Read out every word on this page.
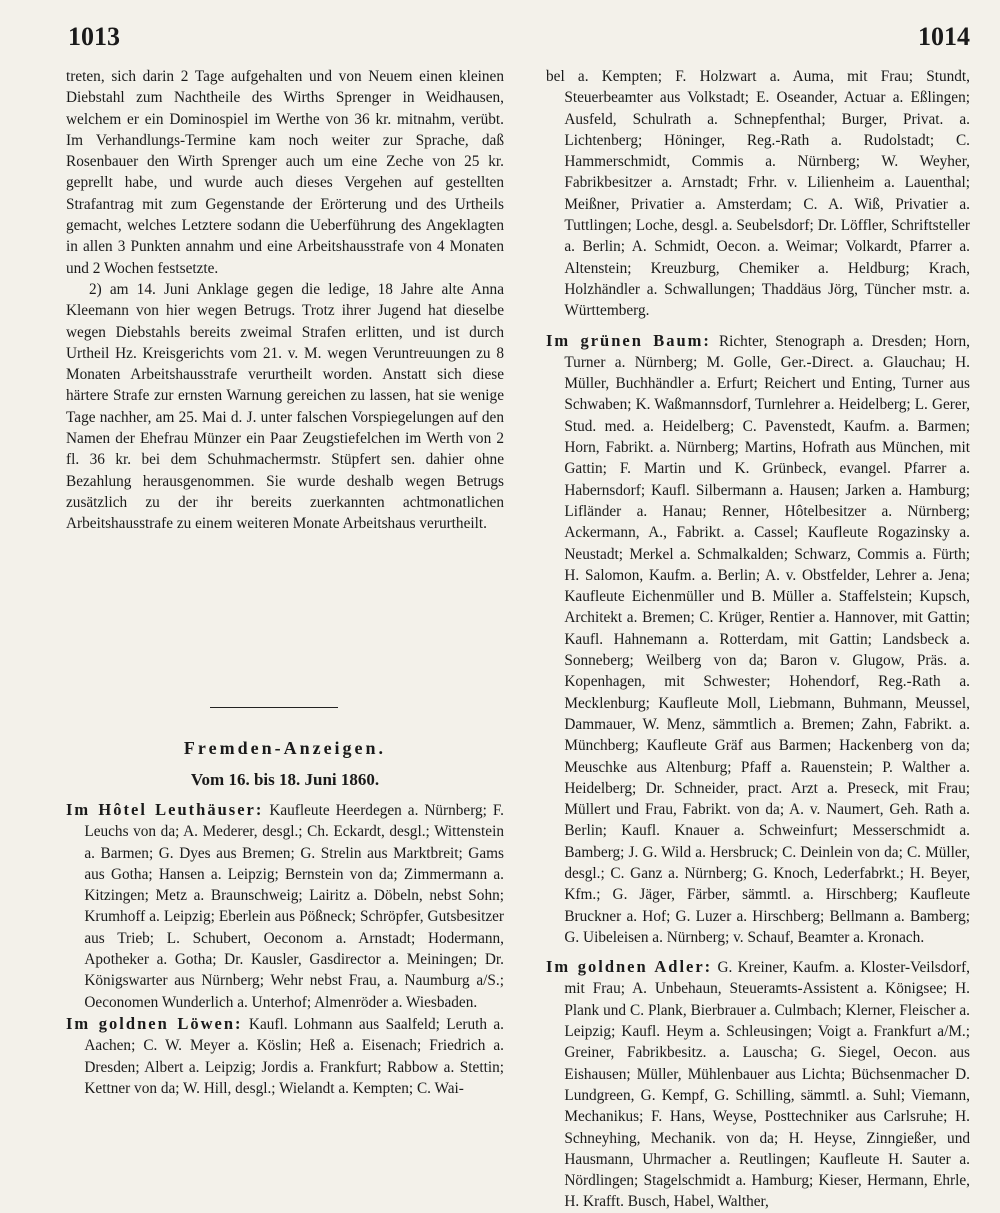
1013	1014

treten, sich darin 2 Tage aufgehalten und von Neuem einen kleinen Diebstahl zum Nachtheile des Wirths Sprenger in Weidhausen, welchem er ein Dominospiel im Werthe von 36 kr. mitnahm, verübt. Im Verhandlungs-Termine kam noch weiter zur Sprache, daß Rosenbauer den Wirth Sprenger auch um eine Zeche von 25 kr. geprellt habe, und wurde auch dieses Vergehen auf gestellten Strafantrag mit zum Gegenstande der Erörterung und des Urtheils gemacht, welches Letztere sodann die Ueberführung des Angeklagten in allen 3 Punkten annahm und eine Arbeitshausstrafe von 4 Monaten und 2 Wochen festsetzte.

2) am 14. Juni Anklage gegen die ledige, 18 Jahre alte Anna Kleemann von hier wegen Betrugs. Trotz ihrer Jugend hat dieselbe wegen Diebstahls bereits zweimal Strafen erlitten, und ist durch Urtheil Hz. Kreisgerichts vom 21. v. M. wegen Veruntreuungen zu 8 Monaten Arbeitshausstrafe verurtheilt worden. Anstatt sich diese härtere Strafe zur ernsten Warnung gereichen zu lassen, hat sie wenige Tage nachher, am 25. Mai d. J. unter falschen Vorspiegelungen auf den Namen der Ehefrau Münzer ein Paar Zeugstiefelchen im Werth von 2 fl. 36 kr. bei dem Schuhmachermstr. Stüpfert sen. dahier ohne Bezahlung herausgenommen. Sie wurde deshalb wegen Betrugs zusätzlich zu der ihr bereits zuerkannten achtmonatlichen Arbeitshausstrafe zu einem weiteren Monate Arbeitshaus verurtheilt.

Fremden-Anzeigen.
Vom 16. bis 18. Juni 1860.

Im Hôtel Leuthäuser: Kaufleute Heerdegen a. Nürnberg; F. Leuchs von da; A. Mederer, desgl.; Ch. Eckardt, desgl.; Wittenstein a. Barmen; G. Dyes aus Bremen; G. Strelin aus Marktbreit; Gams aus Gotha; Hansen a. Leipzig; Bernstein von da; Zimmermann a. Kitzingen; Metz a. Braunschweig; Lairitz a. Döbeln, nebst Sohn; Krumhoff a. Leipzig; Eberlein aus Pößneck; Schröpfer, Gutsbesitzer aus Trieb; L. Schubert, Oeconom a. Arnstadt; Hodermann, Apotheker a. Gotha; Dr. Kausler, Gasdirector a. Meiningen; Dr. Königswarter aus Nürnberg; Wehr nebst Frau, a. Naumburg a/S.; Oeconomen Wunderlich a. Unterhof; Almenröder a. Wiesbaden.

Im goldnen Löwen: Kaufl. Lohmann aus Saalfeld; Leruth a. Aachen; C. W. Meyer a. Köslin; Heß a. Eisenach; Friedrich a. Dresden; Albert a. Leipzig; Jordis a. Frankfurt; Rabbow a. Stettin; Kettner von da; W. Hill, desgl.; Wielandt a. Kempten; C. Wai-

bel a. Kempten; F. Holzwart a. Auma, mit Frau; Stundt, Steuerbeamter aus Volkstadt; E. Oseander, Actuar a. Eßlingen; Ausfeld, Schulrath a. Schnepfenthal; Burger, Privat. a. Lichtenberg; Höninger, Reg.-Rath a. Rudolstadt; C. Hammerschmidt, Commis a. Nürnberg; W. Weyher, Fabrikbesitzer a. Arnstadt; Frhr. v. Lilienheim a. Lauenthal; Meißner, Privatier a. Amsterdam; C. A. Wiß, Privatier a. Tuttlingen; Loche, desgl. a. Seubelsdorf; Dr. Löffler, Schriftsteller a. Berlin; A. Schmidt, Oecon. a. Weimar; Volkardt, Pfarrer a. Altenstein; Kreuzburg, Chemiker a. Heldburg; Krach, Holzhändler a. Schwallungen; Thaddäus Jörg, Tüncher mstr. a. Württemberg.

Im grünen Baum: Richter, Stenograph a. Dresden; Horn, Turner a. Nürnberg; M. Golle, Ger.-Direct. a. Glauchau; H. Müller, Buchhändler a. Erfurt; Reichert und Enting, Turner aus Schwaben; K. Waßmannsdorf, Turnlehrer a. Heidelberg; L. Gerer, Stud. med. a. Heidelberg; C. Pavenstedt, Kaufm. a. Barmen; Horn, Fabrikt. a. Nürnberg; Martins, Hofrath aus München, mit Gattin; F. Martin und K. Grünbeck, evangel. Pfarrer a. Habernsdorf; Kaufl. Silbermann a. Hausen; Jarken a. Hamburg; Lifländer a. Hanau; Renner, Hôtelbesitzer a. Nürnberg; Ackermann, A., Fabrikt. a. Cassel; Kaufleute Rogazinsky a. Neustadt; Merkel a. Schmalkalden; Schwarz, Commis a. Fürth; H. Salomon, Kaufm. a. Berlin; A. v. Obstfelder, Lehrer a. Jena; Kaufleute Eichenmüller und B. Müller a. Staffelstein; Kupsch, Architekt a. Bremen; C. Krüger, Rentier a. Hannover, mit Gattin; Kaufl. Hahnemann a. Rotterdam, mit Gattin; Landsbeck a. Sonneberg; Weilberg von da; Baron v. Glugow, Präs. a. Kopenhagen, mit Schwester; Hohendorf, Reg.-Rath a. Mecklenburg; Kaufleute Moll, Liebmann, Buhmann, Meussel, Dammauer, W. Menz, sämmtlich a. Bremen; Zahn, Fabrikt. a. Münchberg; Kaufleute Gräf aus Barmen; Hackenberg von da; Meuschke aus Altenburg; Pfaff a. Rauenstein; P. Walther a. Heidelberg; Dr. Schneider, pract. Arzt a. Preseck, mit Frau; Müllert und Frau, Fabrikt. von da; A. v. Naumert, Geh. Rath a. Berlin; Kaufl. Knauer a. Schweinfurt; Messerschmidt a. Bamberg; J. G. Wild a. Hersbruck; C. Deinlein von da; C. Müller, desgl.; C. Ganz a. Nürnberg; G. Knoch, Lederfabrkt.; H. Beyer, Kfm.; G. Jäger, Färber, sämmtl. a. Hirschberg; Kaufleute Bruckner a. Hof; G. Luzer a. Hirschberg; Bellmann a. Bamberg; G. Uibeleisen a. Nürnberg; v. Schauf, Beamter a. Kronach.

Im goldnen Adler: G. Kreiner, Kaufm. a. Kloster-Veilsdorf, mit Frau; A. Unbehaun, Steueramts-Assistent a. Königsee; H. Plank und C. Plank, Bierbrauer a. Culmbach; Klerner, Fleischer a. Leipzig; Kaufl. Heym a. Schleusingen; Voigt a. Frankfurt a/M.; Greiner, Fabrikbesitz. a. Lauscha; G. Siegel, Oecon. aus Eishausen; Müller, Mühlenbauer aus Lichta; Büchsenmacher D. Lundgreen, G. Kempf, G. Schilling, sämmtl. a. Suhl; Viemann, Mechanikus; F. Hans, Weyse, Posttechniker aus Carlsruhe; H. Schneyhing, Mechanik. von da; H. Heyse, Zinngießer, und Hausmann, Uhrmacher a. Reutlingen; Kaufleute H. Sauter a. Nördlingen; Stagelschmidt a. Hamburg; Kieser, Hermann, Ehrle, H. Krafft. Busch, Habel, Walther,
